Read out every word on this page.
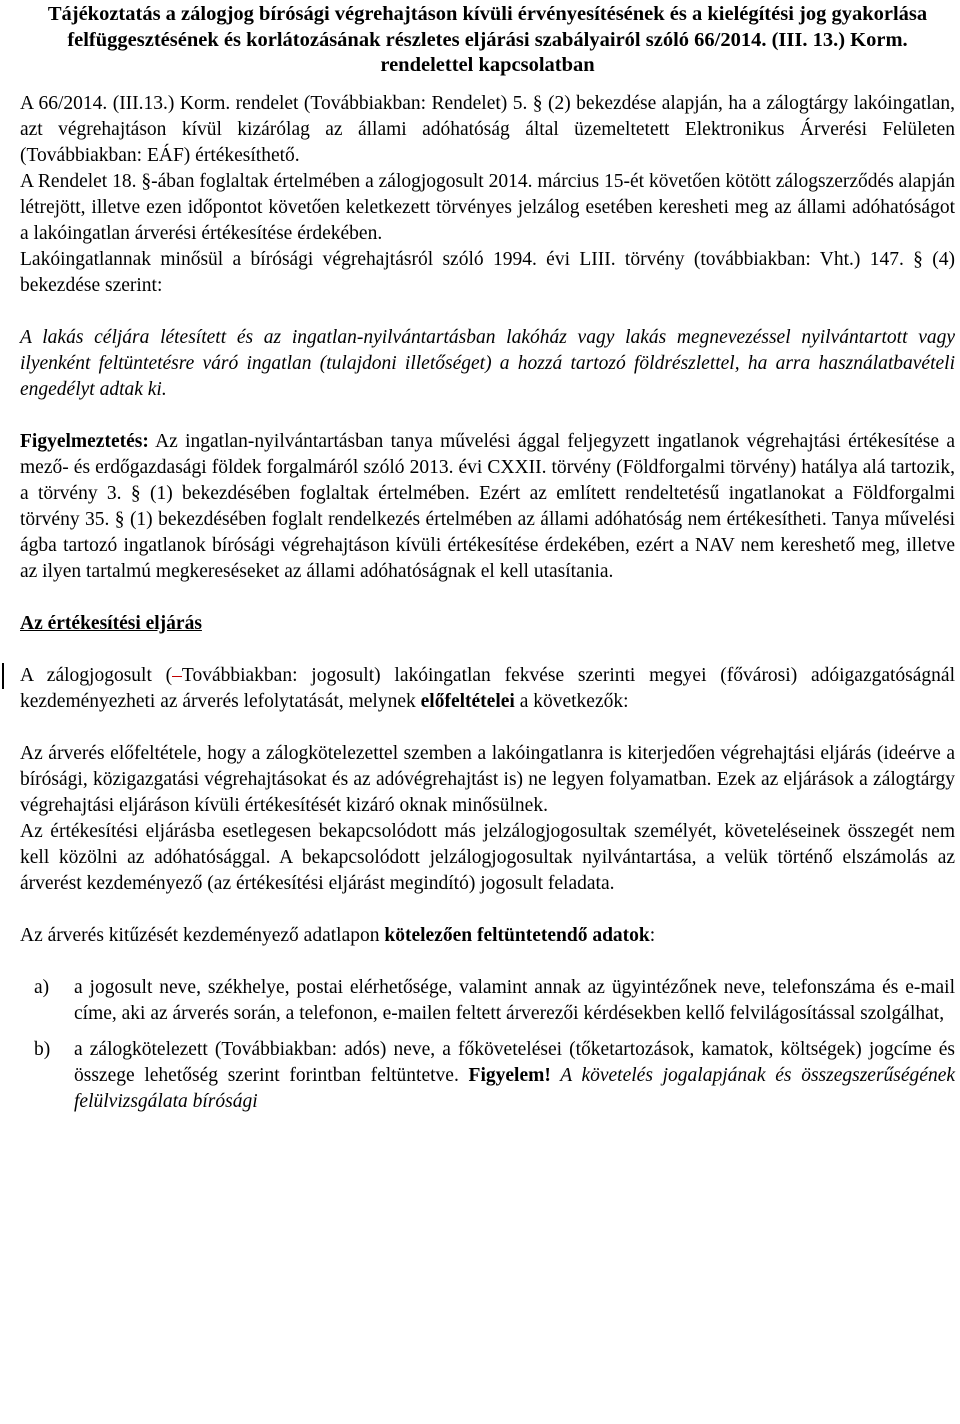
Tájékoztatás a zálogjog bírósági végrehajtáson kívüli érvényesítésének és a kielégítési jog gyakorlása felfüggesztésének és korlátozásának részletes eljárási szabályairól szóló 66/2014. (III. 13.) Korm. rendelettel kapcsolatban

A 66/2014. (III.13.) Korm. rendelet (Továbbiakban: Rendelet) 5. § (2) bekezdése alapján, ha a zálogtárgy lakóingatlan, azt végrehajtáson kívül kizárólag az állami adóhatóság által üzemeltetett Elektronikus Árverési Felületen (Továbbiakban: EÁF) értékesíthető.

A Rendelet 18. §-ában foglaltak értelmében a zálogjogosult 2014. március 15-ét követően kötött zálogszerződés alapján létrejött, illetve ezen időpontot követően keletkezett törvényes jelzálog esetében keresheti meg az állami adóhatóságot a lakóingatlan árverési értékesítése érdekében.

Lakóingatlannak minősül a bírósági végrehajtásról szóló 1994. évi LIII. törvény (továbbiakban: Vht.) 147. § (4) bekezdése szerint:

A lakás céljára létesített és az ingatlan-nyilvántartásban lakóház vagy lakás megnevezéssel nyilvántartott vagy ilyenként feltüntetésre váró ingatlan (tulajdoni illetőséget) a hozzá tartozó földrészlettel, ha arra használatbavételi engedélyt adtak ki.

Figyelmeztetés: Az ingatlan-nyilvántartásban tanya művelési ággal feljegyzett ingatlanok végrehajtási értékesítése a mező- és erdőgazdasági földek forgalmáról szóló 2013. évi CXXII. törvény (Földforgalmi törvény) hatálya alá tartozik, a törvény 3. § (1) bekezdésében foglaltak értelmében. Ezért az említett rendeltetésű ingatlanokat a Földforgalmi törvény 35. § (1) bekezdésében foglalt rendelkezés értelmében az állami adóhatóság nem értékesítheti. Tanya művelési ágba tartozó ingatlanok bírósági végrehajtáson kívüli értékesítése érdekében, ezért a NAV nem kereshető meg, illetve az ilyen tartalmú megkereséseket az állami adóhatóságnak el kell utasítania.

Az értékesítési eljárás

A zálogjogosult (–Továbbiakban: jogosult) lakóingatlan fekvése szerinti megyei (fővárosi) adóigazgatóságnál kezdeményezheti az árverés lefolytatását, melynek előfeltételei a következők:

Az árverés előfeltétele, hogy a zálogkötelezettel szemben a lakóingatlanra is kiterjedően végrehajtási eljárás (ideérve a bírósági, közigazgatási végrehajtásokat és az adóvégrehajtást is) ne legyen folyamatban. Ezek az eljárások a zálogtárgy végrehajtási eljáráson kívüli értékesítését kizáró oknak minősülnek.

Az értékesítési eljárásba esetlegesen bekapcsolódott más jelzálogjogosultak személyét, követeléseinek összegét nem kell közölni az adóhatósággal. A bekapcsolódott jelzálogjogosultak nyilvántartása, a velük történő elszámolás az árverést kezdeményező (az értékesítési eljárást megindító) jogosult feladata.

Az árverés kitűzését kezdeményező adatlapon kötelezően feltüntetendő adatok:

a)	a jogosult neve, székhelye, postai elérhetősége, valamint annak az ügyintézőnek neve, telefonszáma és e-mail címe, aki az árverés során, a telefonon, e-mailen feltett árverezői kérdésekben kellő felvilágosítással szolgálhat,
b)	a zálogkötelezett (Továbbiakban: adós) neve, a főkövetelései (tőketartozások, kamatok, költségek) jogcíme és összege lehetőség szerint forintban feltüntetve. Figyelem! A követelés jogalapjának és összegszerűségének felülvizsgálata bírósági
